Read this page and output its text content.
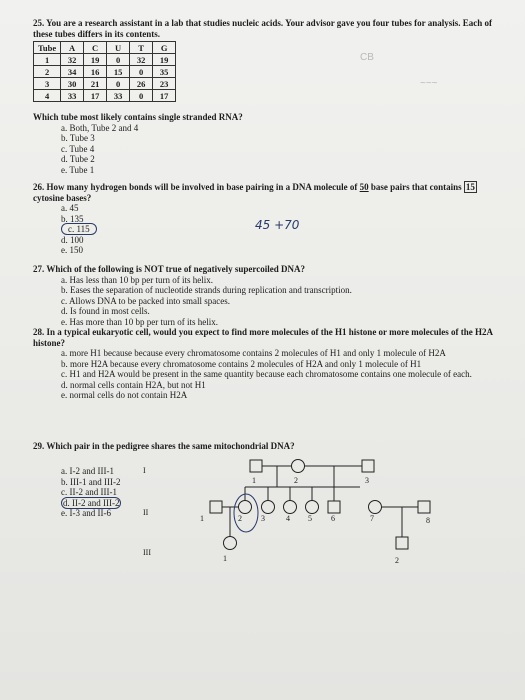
CB
~~~
25. You are a research assistant in a lab that studies nucleic acids. Your advisor gave you four tubes for analysis. Each of these tubes differs in its contents.
Tube	A	C	U	T	G
1	32	19	0	32	19
2	34	16	15	0	35
3	30	21	0	26	23
4	33	17	33	0	17
Which tube most likely contains single stranded RNA?
a. Both, Tube 2 and 4
b. Tube 3
c. Tube 4
d. Tube 2
e. Tube 1
26. How many hydrogen bonds will be involved in base pairing in a DNA molecule of 50 base pairs that contains 15 cytosine bases?
a. 45
b. 135
c. 115
d. 100
e. 150
45 +70
27. Which of the following is NOT true of negatively supercoiled DNA?
a. Has less than 10 bp per turn of its helix.
b. Eases the separation of nucleotide strands during replication and transcription.
c. Allows DNA to be packed into small spaces.
d. Is found in most cells.
e. Has more than 10 bp per turn of its helix.
28. In a typical eukaryotic cell, would you expect to find more molecules of the H1 histone or more molecules of the H2A histone?
a. more H1 because because every chromatosome contains 2 molecules of H1 and only 1 molecule of H2A
b. more H2A because every chromatosome contains 2 molecules of H2A and only 1 molecule of H1
c. H1 and H2A would be present in the same quantity because each chromatosome contains one molecule of each.
d. normal cells contain H2A, but not H1
e. normal cells do not contain H2A
29. Which pair in the pedigree shares the same mitochondrial DNA?
a. I-2 and III-1
b. III-1 and III-2
c. II-2 and III-1
d. II-2 and III-2
e. I-3 and II-6
I
II
III
1	2	3
1	2 3	4 5 6	7	8
1	2
